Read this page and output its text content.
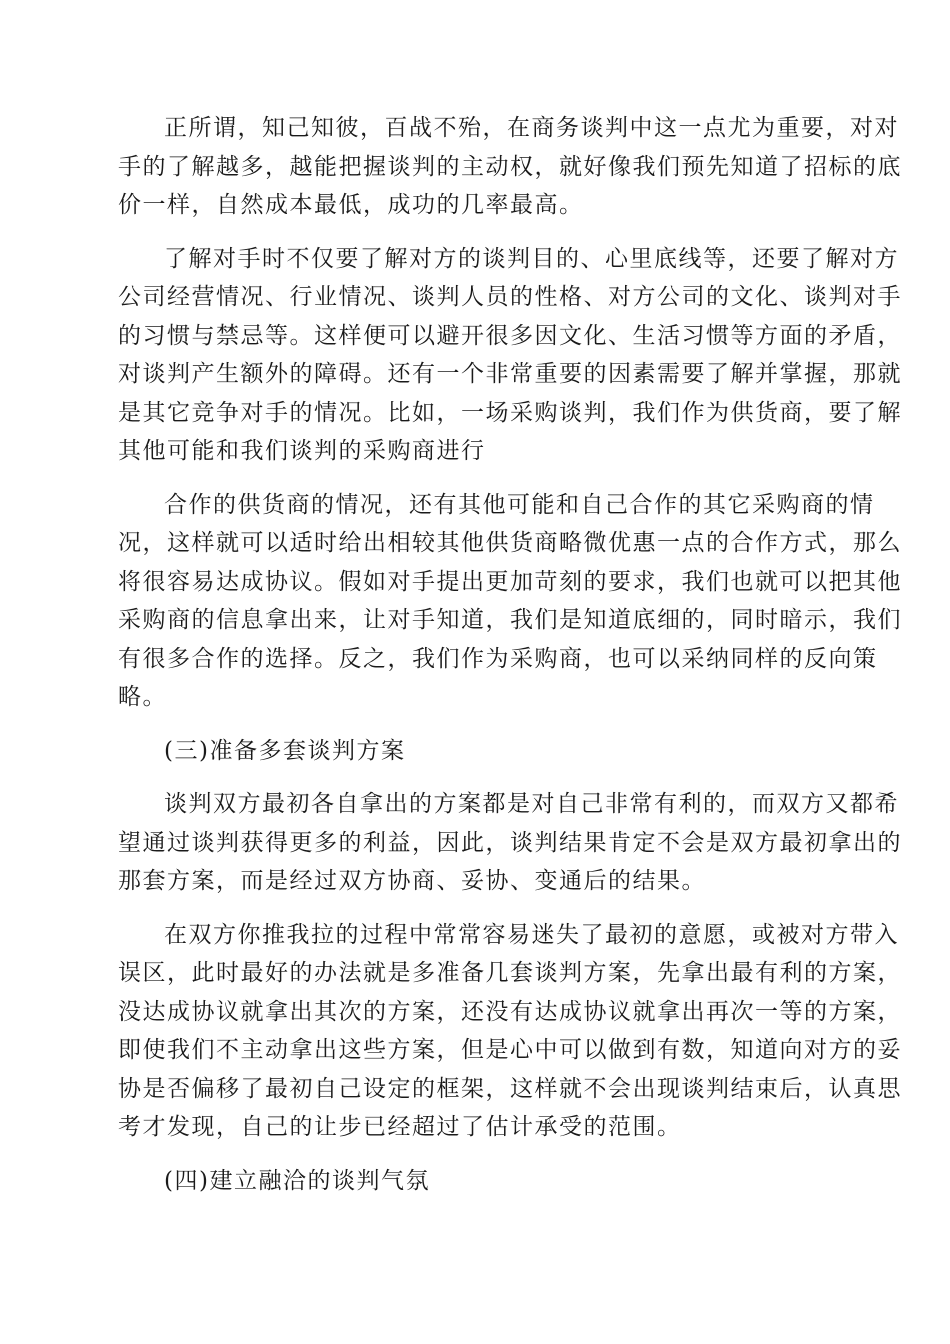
正所谓，知己知彼，百战不殆，在商务谈判中这一点尤为重要，对对
手的了解越多，越能把握谈判的主动权，就好像我们预先知道了招标的底
价一样，自然成本最低，成功的几率最高。

了解对手时不仅要了解对方的谈判目的、心里底线等，还要了解对方
公司经营情况、行业情况、谈判人员的性格、对方公司的文化、谈判对手
的习惯与禁忌等。这样便可以避开很多因文化、生活习惯等方面的矛盾，
对谈判产生额外的障碍。还有一个非常重要的因素需要了解并掌握，那就
是其它竞争对手的情况。比如，一场采购谈判，我们作为供货商，要了解
其他可能和我们谈判的采购商进行

合作的供货商的情况，还有其他可能和自己合作的其它采购商的情
况，这样就可以适时给出相较其他供货商略微优惠一点的合作方式，那么
将很容易达成协议。假如对手提出更加苛刻的要求，我们也就可以把其他
采购商的信息拿出来，让对手知道，我们是知道底细的，同时暗示，我们
有很多合作的选择。反之，我们作为采购商，也可以采纳同样的反向策
略。

(三)准备多套谈判方案

谈判双方最初各自拿出的方案都是对自己非常有利的，而双方又都希
望通过谈判获得更多的利益，因此，谈判结果肯定不会是双方最初拿出的
那套方案，而是经过双方协商、妥协、变通后的结果。

在双方你推我拉的过程中常常容易迷失了最初的意愿，或被对方带入
误区，此时最好的办法就是多准备几套谈判方案，先拿出最有利的方案，
没达成协议就拿出其次的方案，还没有达成协议就拿出再次一等的方案，
即使我们不主动拿出这些方案，但是心中可以做到有数，知道向对方的妥
协是否偏移了最初自己设定的框架，这样就不会出现谈判结束后，认真思
考才发现，自己的让步已经超过了估计承受的范围。

(四)建立融洽的谈判气氛
